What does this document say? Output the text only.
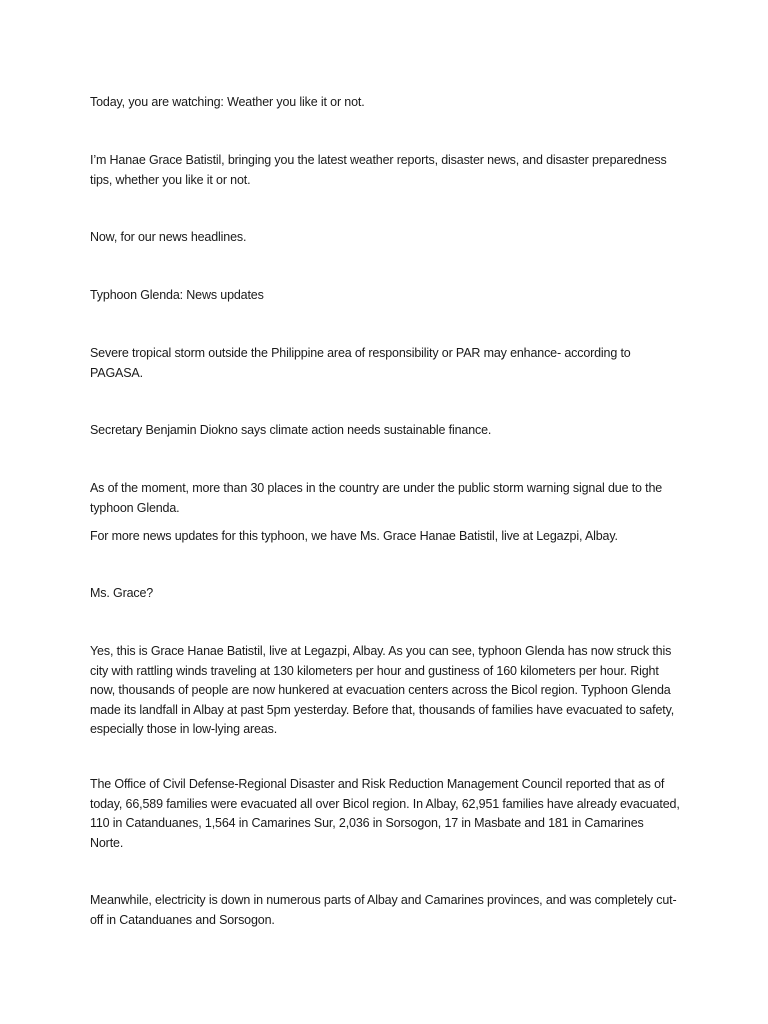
Today, you are watching: Weather you like it or not.

I’m Hanae Grace Batistil, bringing you the latest weather reports, disaster news, and disaster preparedness tips, whether you like it or not.

Now, for our news headlines.

Typhoon Glenda: News updates

Severe tropical storm outside the Philippine area of responsibility or PAR may enhance- according to PAGASA.

Secretary Benjamin Diokno says climate action needs sustainable finance.

As of the moment, more than 30 places in the country are under the public storm warning signal due to the typhoon Glenda.

For more news updates for this typhoon, we have Ms. Grace Hanae Batistil, live at Legazpi, Albay.

Ms. Grace?

Yes, this is Grace Hanae Batistil, live at Legazpi, Albay. As you can see, typhoon Glenda has now struck this city with rattling winds traveling at 130 kilometers per hour and gustiness of 160 kilometers per hour. Right now, thousands of people are now hunkered at evacuation centers across the Bicol region. Typhoon Glenda made its landfall in Albay at past 5pm yesterday. Before that, thousands of families have evacuated to safety, especially those in low-lying areas.

The Office of Civil Defense-Regional Disaster and Risk Reduction Management Council reported that as of today, 66,589 families were evacuated all over Bicol region. In Albay, 62,951 families have already evacuated, 110 in Catanduanes, 1,564 in Camarines Sur, 2,036 in Sorsogon, 17 in Masbate and 181 in Camarines Norte.

Meanwhile, electricity is down in numerous parts of Albay and Camarines provinces, and was completely cut-off in Catanduanes and Sorsogon.
